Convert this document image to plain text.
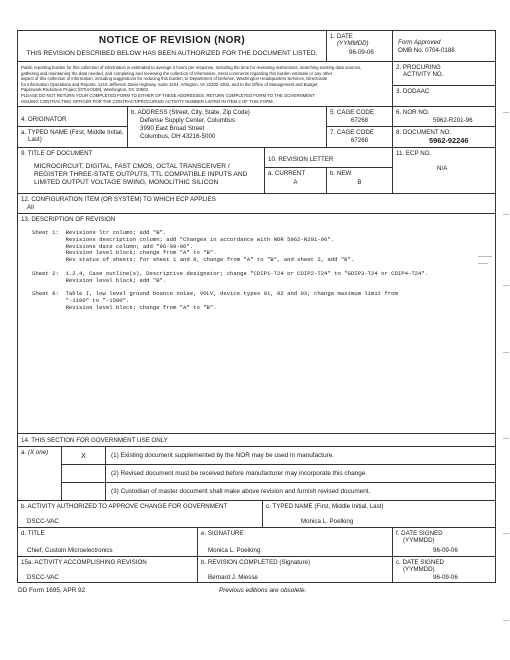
NOTICE OF REVISION (NOR)
THIS REVISION DESCRIBED BELOW HAS BEEN AUTHORIZED FOR THE DOCUMENT LISTED.
1. DATE
(YYMMDD)
96-09-06
Form Approved
OMB No. 0704-0188
Public reporting burden for this collection of information is estimated to average 2 hours per response, including the time for reviewing instructions, searching existing data sources,
gathering and maintaining the data needed, and completing and reviewing the collection of information. Send comments regarding this burden estimate or any other
aspect of this collection of information, including suggestions for reducing this burden, to Department of Defense, Washington Headquarters Services, Directorate
for Information Operations and Reports, 1215 Jefferson Davis Highway, Suite 1204, Arlington, VA 22202-4302, and to the Office of Management and Budget,
Paperwork Reduction Project (0704-0188), Washington, DC 20503.
PLEASE DO NOT RETURN YOUR COMPLETED FORM TO EITHER OF THESE ADDRESSES. RETURN COMPLETED FORM TO THE GOVERNMENT
ISSUING CONTRACTING OFFICER FOR THE CONTRACT/PROCURING ACTIVITY NUMBER LISTED IN ITEM 2 OF THIS FORM.
2. PROCURING
ACTIVITY NO.
3. DODAAC
4. ORIGINATOR
a. TYPED NAME (First, Middle Initial,
Last)
b. ADDRESS (Street, City, State, Zip Code)
Defense Supply Center, Columbus
3990 East Broad Street
Columbus, OH 43216-5000
5. CAGE CODE
67268
6. NOR NO.
5962-R201-96
7. CAGE CODE
67268
8. DOCUMENT NO.
5962-92246
9. TITLE OF DOCUMENT
MICROCIRCUIT, DIGITAL, FAST CMOS, OCTAL TRANSCEIVER /
REGISTER THREE-STATE OUTPUTS, TTL COMPATIBLE INPUTS AND
LIMITED OUTPUT VOLTAGE SWING, MONOLITHIC SILICON
10. REVISION LETTER
a. CURRENT
A
b. NEW
B
11. ECP NO.
N/A
12. CONFIGURATION ITEM (OR SYSTEM) TO WHICH ECP APPLIES
All
13. DESCRIPTION OF REVISION
Sheet 1:  Revisions ltr column; add "B".
Revisions description column; add "Changes in accordance with NOR 5962-R201-96".
Revisions date column; add "96-09-06".
Revision level block; change from "A" to "B".
Rev status of sheets; for sheet 1 and 8, change from "A" to "B", and sheet 2, add "B".

Sheet 2:  1.2.4, Case outline(s), Descriptive designator; change "CDIP1-T24 or CDIP2-T24" to "GDIP3-T24 or CDIP4-T24".
Revision level block; add "B".

Sheet 8:  Table I, low level ground bounce noise, VOLV, device types 01, 02 and 03; change maximum limit from
"-1100" to "-1500".
Revision level block; change from "A" to "B".
14. THIS SECTION FOR GOVERNMENT USE ONLY
a. (X one)	X	(1) Existing document supplemented by the NOR may be used in manufacture.
(2) Revised document must be received before manufacturer may incorporate this change.
(3) Custodian of master document shall make above revision and furnish revised document.
b. ACTIVITY AUTHORIZED TO APPROVE CHANGE FOR GOVERNMENT
DSCC-VAC
c. TYPED NAME (First, Middle Initial, Last)
Monica L. Poelking
d. TITLE
Chief, Custom Microelectronics
e. SIGNATURE
Monica L. Poelking
f. DATE SIGNED
(YYMMDD)
96-09-06
15a. ACTIVITY ACCOMPLISHING REVISION
DSCC-VAC
b. REVISION COMPLETED (Signature)
Bernard J. Miesse
c. DATE SIGNED
(YYMMDD)
96-09-06
DD Form 1695, APR 92	Previous editions are obsolete.
